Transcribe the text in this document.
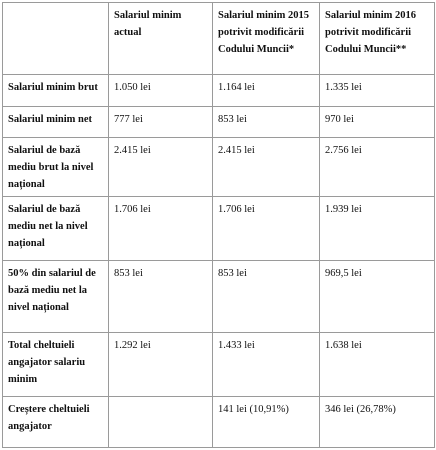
	Salariul minim actual	Salariul minim 2015 potrivit modificării Codului Muncii*	Salariul minim 2016 potrivit modificării Codului Muncii**
Salariul minim brut	1.050 lei	1.164 lei	1.335 lei
Salariul minim net	777 lei	853 lei	970 lei
Salariul de bază mediu brut la nivel național	2.415 lei	2.415 lei	2.756 lei
Salariul de bază mediu net la nivel național	1.706 lei	1.706 lei	1.939 lei
50% din salariul de bază mediu net la nivel național	853 lei	853 lei	969,5 lei
Total cheltuieli angajator salariu minim	1.292 lei	1.433 lei	1.638 lei
Creștere cheltuieli angajator		141 lei (10,91%)	346 lei (26,78%)
